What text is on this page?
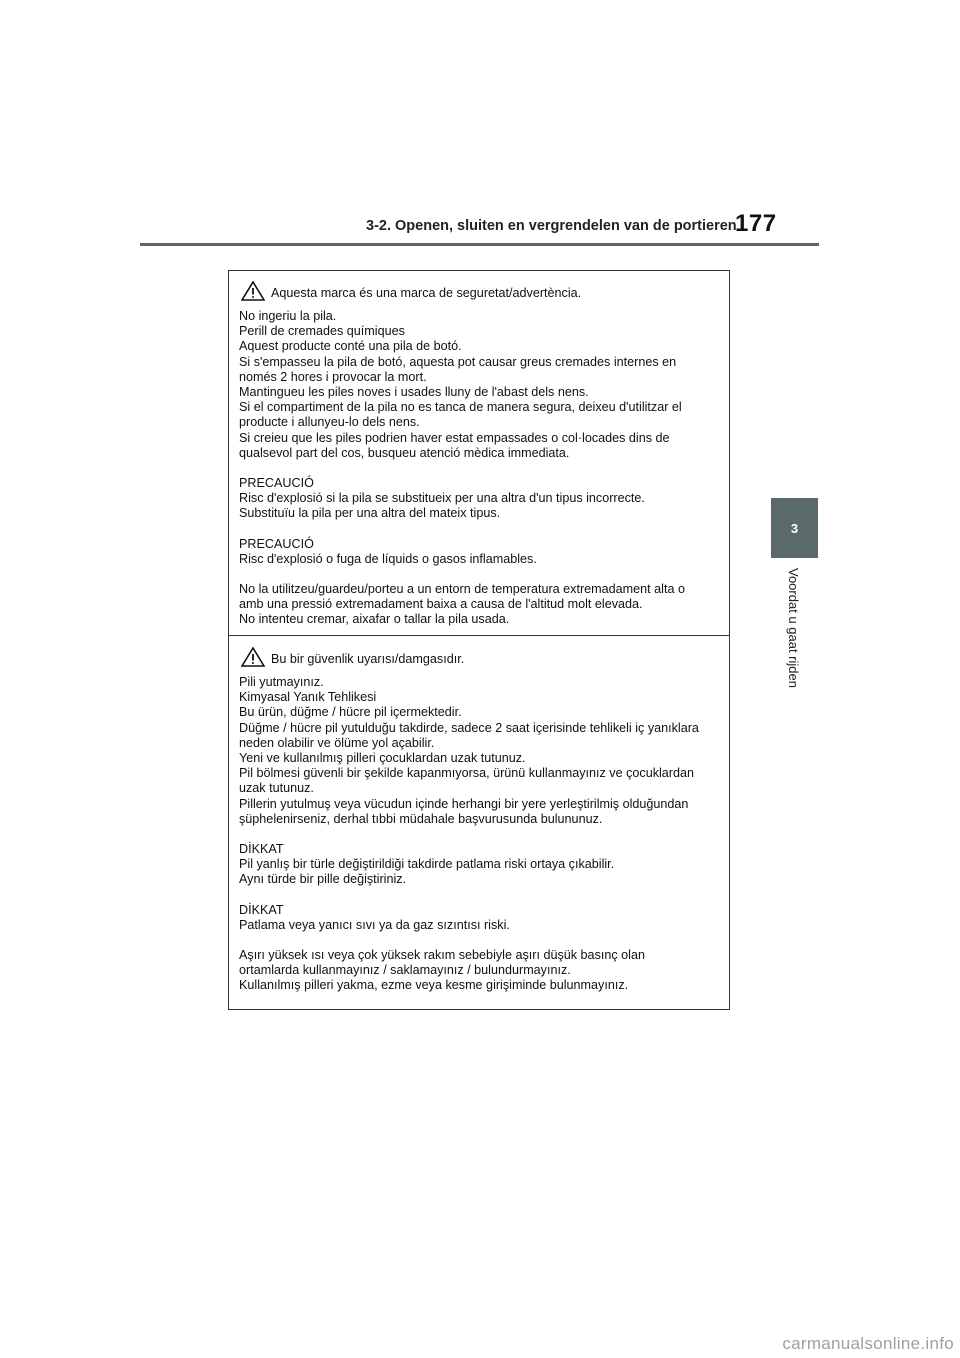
3-2. Openen, sluiten en vergrendelen van de portieren
177
3
Voordat u gaat rijden
Aquesta marca és una marca de seguretat/advertència.
No ingeriu la pila.
Perill de cremades químiques
Aquest producte conté una pila de botó.
Si s'empasseu la pila de botó, aquesta pot causar greus cremades internes en
només 2 hores i provocar la mort.
Mantingueu les piles noves i usades lluny de l'abast dels nens.
Si el compartiment de la pila no es tanca de manera segura, deixeu d'utilitzar el
producte i allunyeu-lo dels nens.
Si creieu que les piles podrien haver estat empassades o col·locades dins de
qualsevol part del cos, busqueu atenció mèdica immediata.
PRECAUCIÓ
Risc d'explosió si la pila se substitueix per una altra d'un tipus incorrecte.
Substituïu la pila per una altra del mateix tipus.
PRECAUCIÓ
Risc d'explosió o fuga de líquids o gasos inflamables.
No la utilitzeu/guardeu/porteu a un entorn de temperatura extremadament alta o
amb una pressió extremadament baixa a causa de l'altitud molt elevada.
No intenteu cremar, aixafar o tallar la pila usada.
Bu bir güvenlik uyarısı/damgasıdır.
Pili yutmayınız.
Kimyasal Yanık Tehlikesi
Bu ürün, düğme / hücre pil içermektedir.
Düğme / hücre pil yutulduğu takdirde, sadece 2 saat içerisinde tehlikeli iç yanıklara
neden olabilir ve ölüme yol açabilir.
Yeni ve kullanılmış pilleri çocuklardan uzak tutunuz.
Pil bölmesi güvenli bir şekilde kapanmıyorsa, ürünü kullanmayınız ve çocuklardan
uzak tutunuz.
Pillerin yutulmuş veya vücudun içinde herhangi bir yere yerleştirilmiş olduğundan
şüphelenirseniz, derhal tıbbi müdahale başvurusunda bulununuz.
DİKKAT
Pil yanlış bir türle değiştirildiği takdirde patlama riski ortaya çıkabilir.
Aynı türde bir pille değiştiriniz.
DİKKAT
Patlama veya yanıcı sıvı ya da gaz sızıntısı riski.
Aşırı yüksek ısı veya çok yüksek rakım sebebiyle aşırı düşük basınç olan
ortamlarda kullanmayınız / saklamayınız / bulundurmayınız.
Kullanılmış pilleri yakma, ezme veya kesme girişiminde bulunmayınız.
carmanualsonline.info
